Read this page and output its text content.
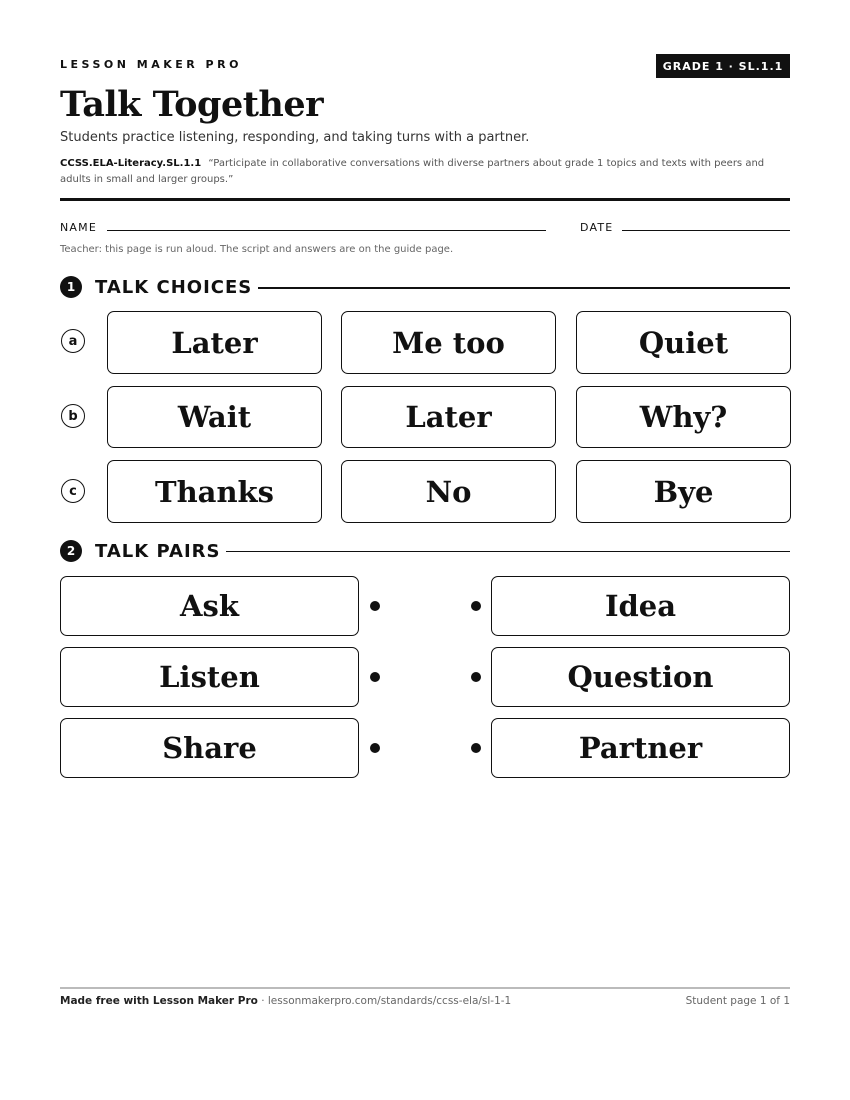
LESSON MAKER PRO	GRADE 1 · SL.1.1
Talk Together
Students practice listening, responding, and taking turns with a partner.
CCSS.ELA-Literacy.SL.1.1 “Participate in collaborative conversations with diverse partners about grade 1 topics and texts with peers and adults in small and larger groups.”
NAME	DATE
Teacher: this page is run aloud. The script and answers are on the guide page.
1	TALK CHOICES
a	Later	Me too	Quiet
b	Wait	Later	Why?
c	Thanks	No	Bye
2	TALK PAIRS
Ask	Idea
Listen	Question
Share	Partner
Made free with Lesson Maker Pro · lessonmakerpro.com/standards/ccss-ela/sl-1-1	Student page 1 of 1
